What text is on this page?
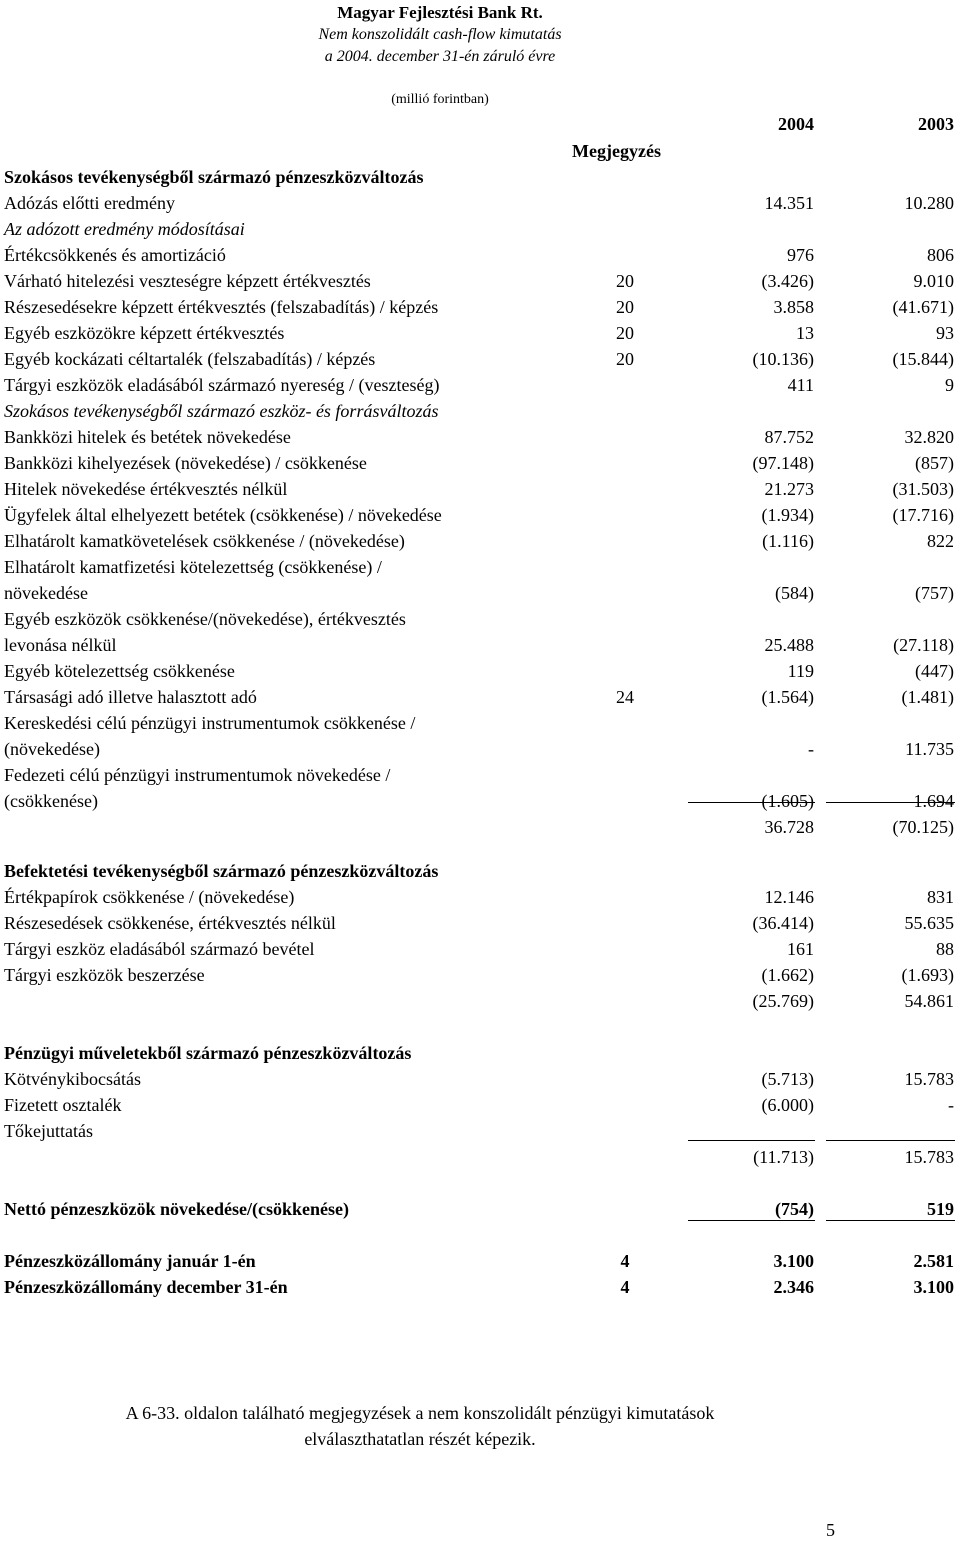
Magyar Fejlesztési Bank Rt.
Nem konszolidált cash-flow kimutatás
a 2004. december 31-én záruló évre
(millió forintban)
2004	2003
Megjegyzés
Szokásos tevékenységből származó pénzeszközváltozás
Adózás előtti eredmény	14.351	10.280
Az adózott eredmény módosításai
Értékcsökkenés és amortizáció	976	806
Várható hitelezési veszteségre képzett értékvesztés	20	(3.426)	9.010
Részesedésekre képzett értékvesztés (felszabadítás) / képzés	20	3.858	(41.671)
Egyéb eszközökre képzett értékvesztés	20	13	93
Egyéb kockázati céltartalék (felszabadítás) / képzés	20	(10.136)	(15.844)
Tárgyi eszközök eladásából származó nyereség / (veszteség)	411	9
Szokásos tevékenységből származó eszköz- és forrásváltozás
Bankközi hitelek és betétek növekedése	87.752	32.820
Bankközi kihelyezések (növekedése) / csökkenése	(97.148)	(857)
Hitelek növekedése értékvesztés nélkül	21.273	(31.503)
Ügyfelek által elhelyezett betétek (csökkenése) / növekedése	(1.934)	(17.716)
Elhatárolt kamatkövetelések csökkenése / (növekedése)	(1.116)	822
Elhatárolt kamatfizetési kötelezettség (csökkenése) /
növekedése	(584)	(757)
Egyéb eszközök csökkenése/(növekedése), értékvesztés
levonása nélkül	25.488	(27.118)
Egyéb kötelezettség csökkenése	119	(447)
Társasági adó illetve halasztott adó	24	(1.564)	(1.481)
Kereskedési célú pénzügyi instrumentumok csökkenése /
(növekedése)	-	11.735
Fedezeti célú pénzügyi instrumentumok növekedése /
(csökkenése)	(1.605)	1.694
36.728	(70.125)
Befektetési tevékenységből származó pénzeszközváltozás
Értékpapírok csökkenése / (növekedése)	12.146	831
Részesedések csökkenése, értékvesztés nélkül	(36.414)	55.635
Tárgyi eszköz eladásából származó bevétel	161	88
Tárgyi eszközök beszerzése	(1.662)	(1.693)
(25.769)	54.861
Pénzügyi műveletekből származó pénzeszközváltozás
Kötvénykibocsátás	(5.713)	15.783
Fizetett osztalék	(6.000)	-
Tőkejuttatás
(11.713)	15.783
Nettó pénzeszközök növekedése/(csökkenése)	(754)	519
Pénzeszközállomány január 1-én	4	3.100	2.581
Pénzeszközállomány december 31-én	4	2.346	3.100
A 6-33. oldalon található megjegyzések a nem konszolidált pénzügyi kimutatások
elválaszthatatlan részét képezik.
5
